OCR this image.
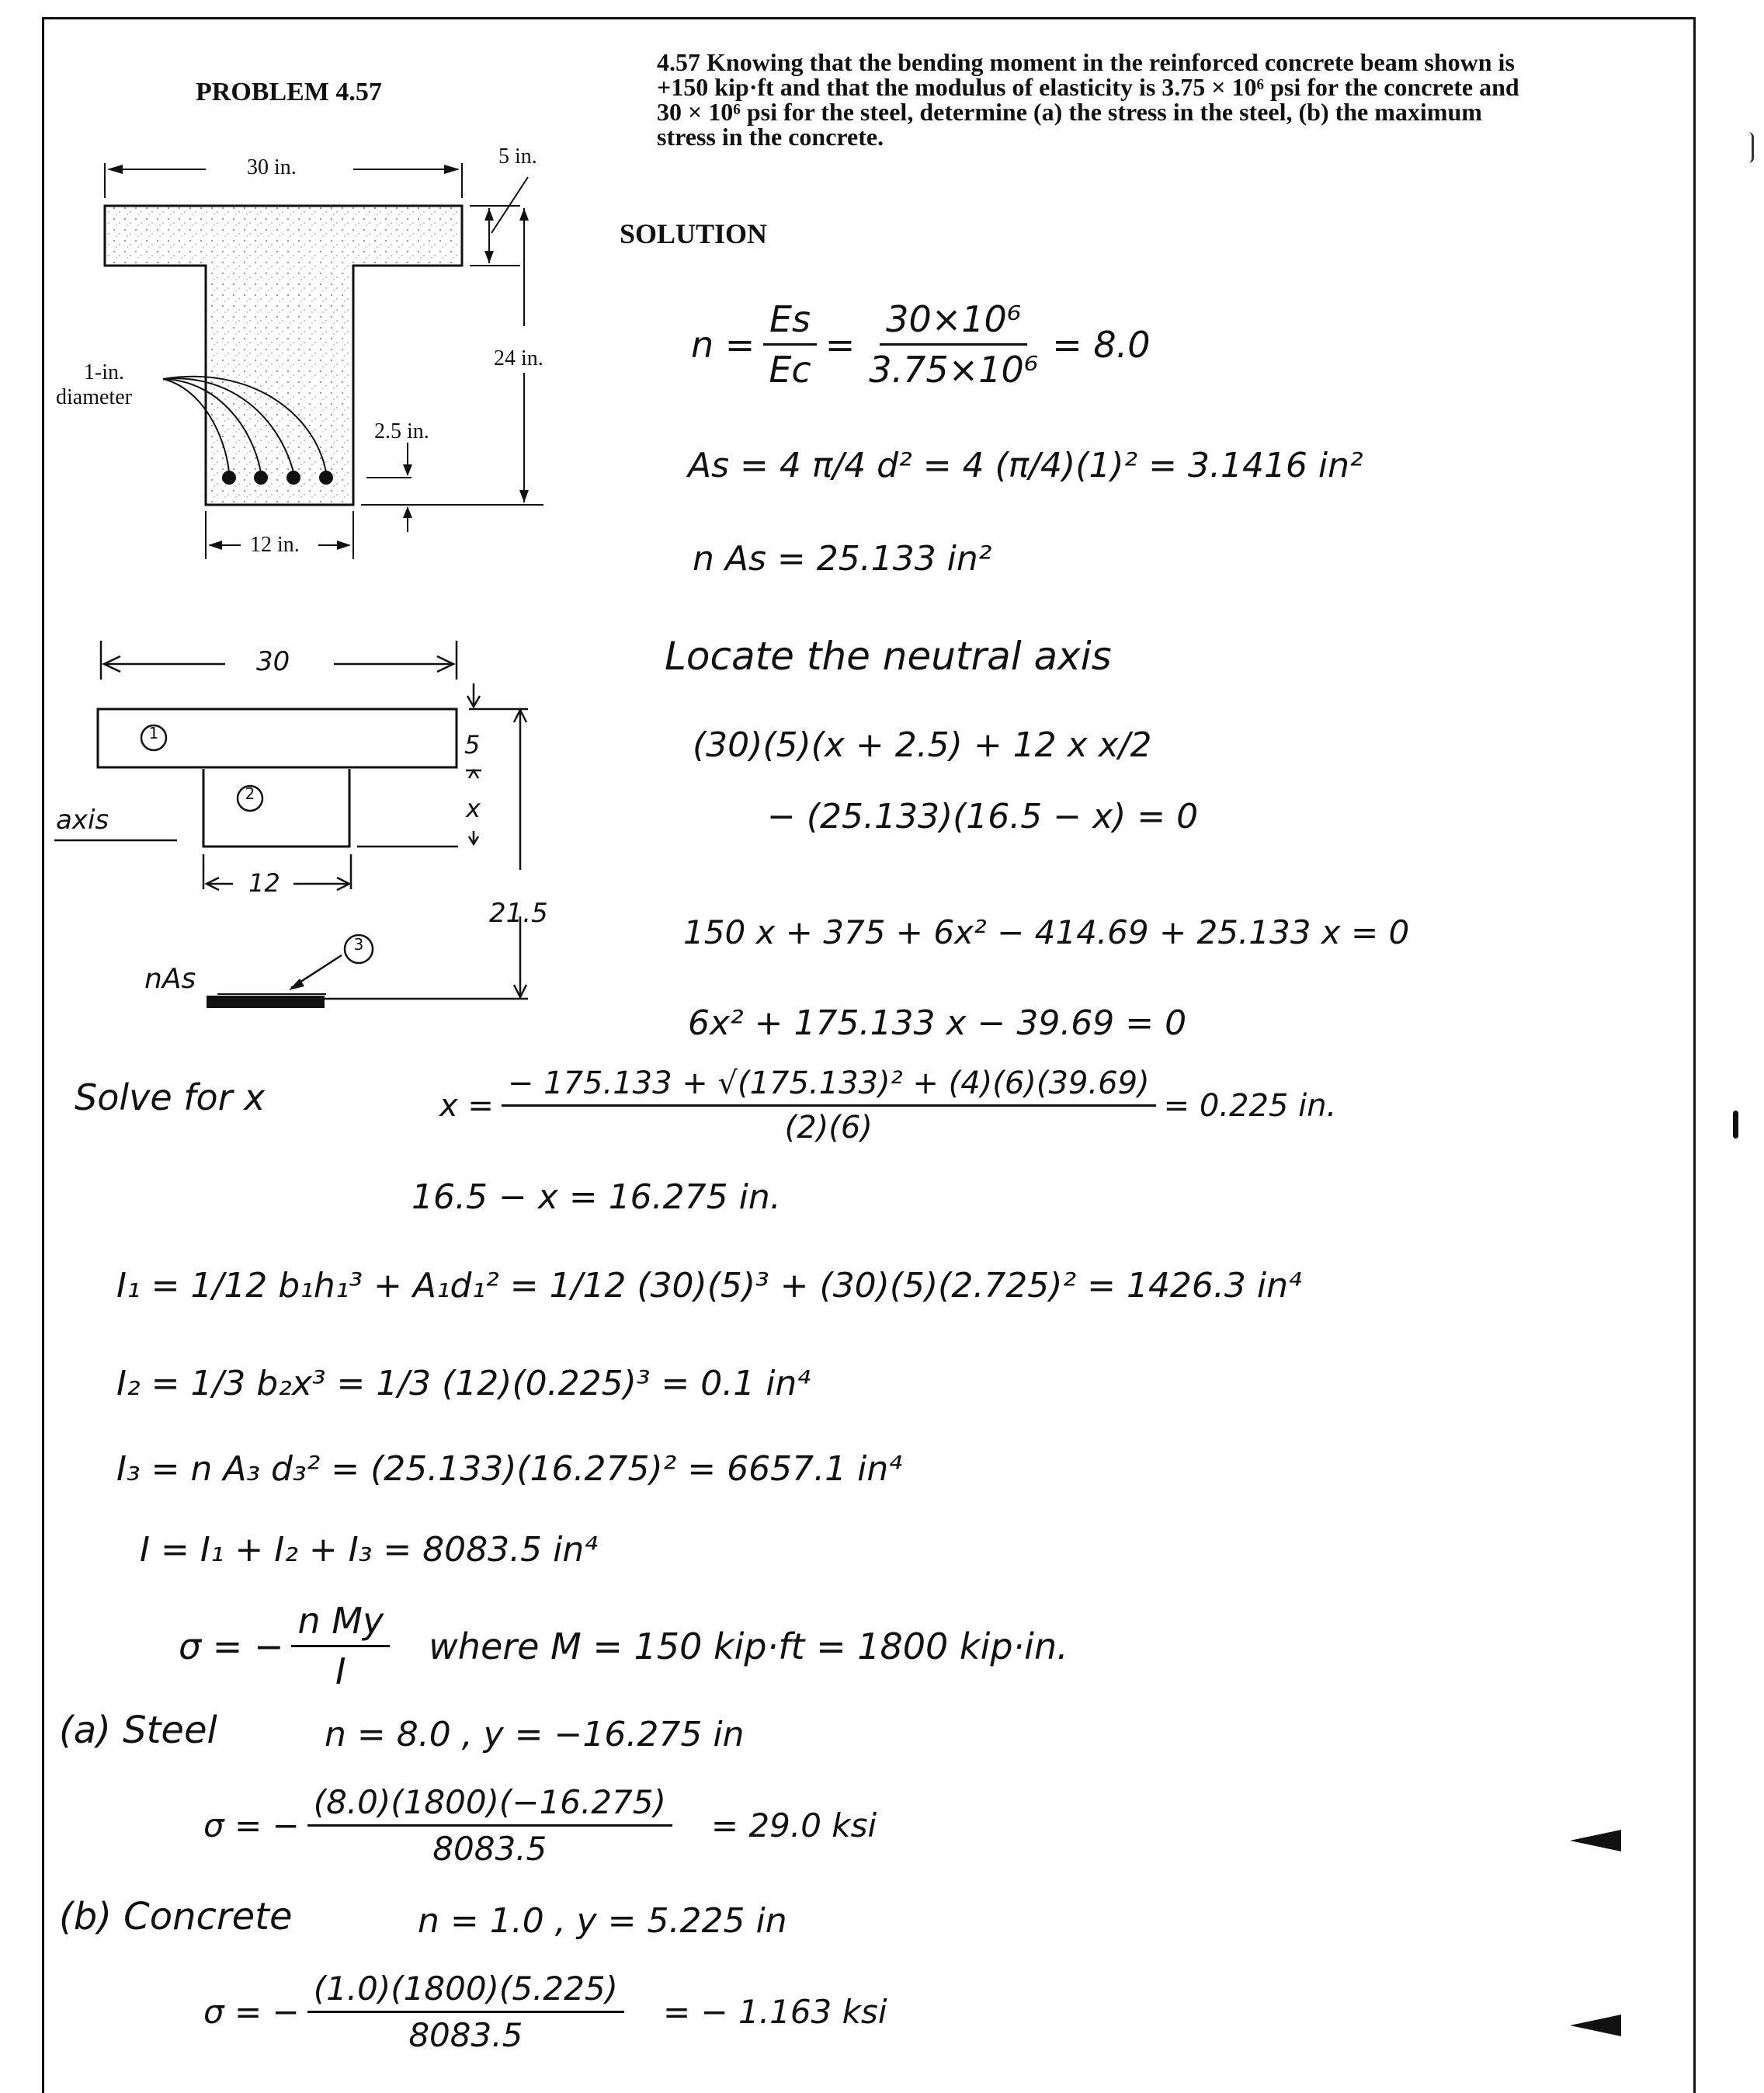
PROBLEM 4.57
4.57 Knowing that the bending moment in the reinforced concrete beam shown is
+150 kip·ft and that the modulus of elasticity is 3.75 × 10⁶ psi for the concrete and
30 × 10⁶ psi for the steel, determine (a) the stress in the steel, (b) the maximum
stress in the concrete.
SOLUTION
30 in.	5 in.
24 in.
1-in.
diameter
2.5 in.
12 in.
30
1
2
3
5
x
axis
12
21.5
nAs
$n = \frac{Es}{Ec} = \frac{\text{30×10⁶}}{\text{3.75×10⁶}} = 8.0$
As = 4 π/4 d² = 4 (π/4)(1)² = 3.1416 in²
n As = 25.133 in²
Locate the neutral axis
(30)(5)(x + 2.5) + 12 x x/2
− (25.133)(16.5 − x) = 0
150 x + 375 + 6x² − 414.69 + 25.133 x = 0
6x² + 175.133 x − 39.69 = 0
Solve for x	$x = \frac{\text{− 175.133 + √(175.133)² + (4)(6)(39.69)}}{(2)(6)} = 0.225$ in.
16.5 − x = 16.275 in.
I₁ = 1/12 b₁h₁³ + A₁d₁² = 1/12 (30)(5)³ + (30)(5)(2.725)² = 1426.3 in⁴
I₂ = 1/3 b₂x³ = 1/3 (12)(0.225)³ = 0.1 in⁴
I₃ = n A₃ d₃² = (25.133)(16.275)² = 6657.1 in⁴
I = I₁ + I₂ + I₃ = 8083.5 in⁴
σ = − $\frac{\text{n My}}{I}$ where M = 150 kip·ft = 1800 kip·in.
(a) Steel	n = 8.0 , y = −16.275 in
σ = − $\frac{(8.0)(1800)(-16.275)}{8083.5} = 29.0$ ksi
(b) Concrete	n = 1.0 , y = 5.225 in
σ = − $\frac{(1.0)(1800)(5.225)}{8083.5}$ = − 1.163 ksi
